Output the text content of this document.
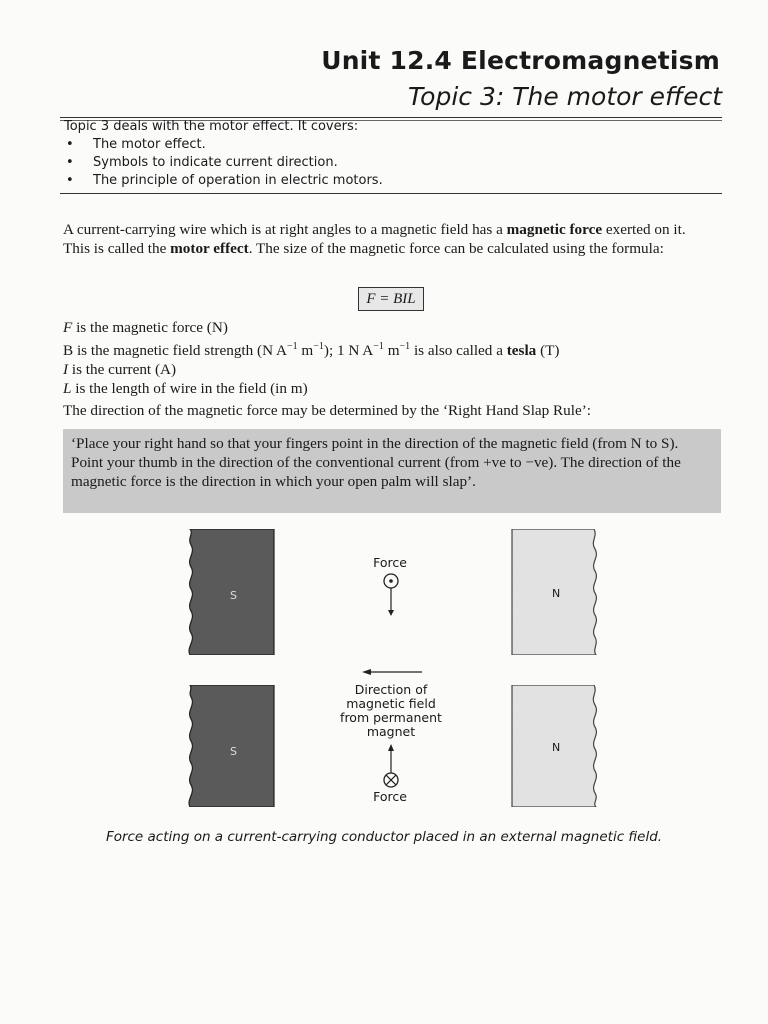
Unit 12.4 Electromagnetism
Topic 3: The motor effect
Topic 3 deals with the motor effect. It covers:
• The motor effect.
• Symbols to indicate current direction.
• The principle of operation in electric motors.
A current-carrying wire which is at right angles to a magnetic field has a magnetic force exerted on it. This is called the motor effect. The size of the magnetic force can be calculated using the formula:
F = BIL
F is the magnetic force (N)
B is the magnetic field strength (N $A^{-1}$ $m^{-1}$); 1 N $A^{-1}$ $m^{-1}$ is also called a tesla (T)
I is the current (A)
L is the length of wire in the field (in m)
The direction of the magnetic force may be determined by the ‘Right Hand Slap Rule’:
‘Place your right hand so that your fingers point in the direction of the magnetic field (from N to S). Point your thumb in the direction of the conventional current (from +ve to −ve). The direction of the magnetic force is the direction in which your open palm will slap’.
S	N
S	N
Force
Direction of
magnetic field
from permanent
magnet
Force
Force acting on a current-carrying conductor placed in an external magnetic field.
